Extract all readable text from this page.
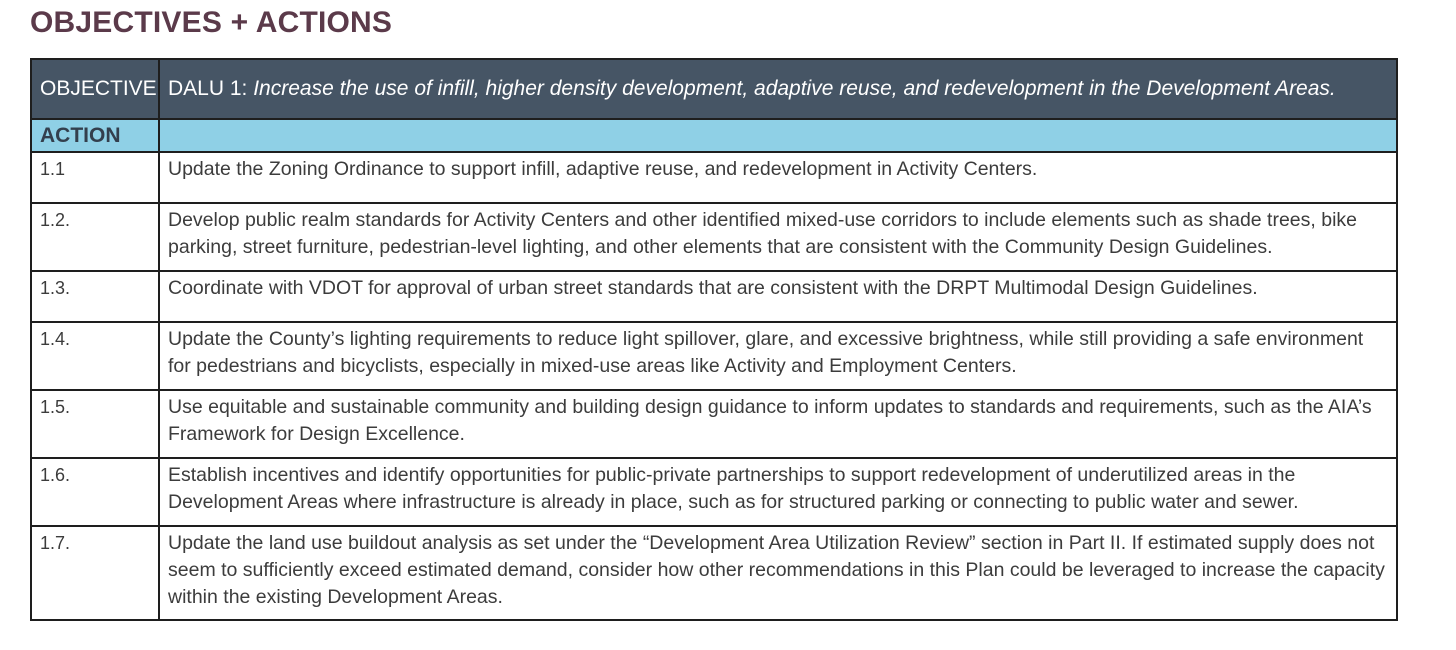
OBJECTIVES + ACTIONS
OBJECTIVE	DALU 1: Increase the use of infill, higher density development, adaptive reuse, and redevelopment in the Development Areas.
ACTION	
1.1	Update the Zoning Ordinance to support infill, adaptive reuse, and redevelopment in Activity Centers.
1.2.	Develop public realm standards for Activity Centers and other identified mixed-use corridors to include elements such as shade trees, bike parking, street furniture, pedestrian-level lighting, and other elements that are consistent with the Community Design Guidelines.
1.3.	Coordinate with VDOT for approval of urban street standards that are consistent with the DRPT Multimodal Design Guidelines.
1.4.	Update the County’s lighting requirements to reduce light spillover, glare, and excessive brightness, while still providing a safe environment for pedestrians and bicyclists, especially in mixed-use areas like Activity and Employment Centers.
1.5.	Use equitable and sustainable community and building design guidance to inform updates to standards and requirements, such as the AIA’s Framework for Design Excellence.
1.6.	Establish incentives and identify opportunities for public-private partnerships to support redevelopment of underutilized areas in the Development Areas where infrastructure is already in place, such as for structured parking or connecting to public water and sewer.
1.7.	Update the land use buildout analysis as set under the “Development Area Utilization Review” section in Part II. If estimated supply does not seem to sufficiently exceed estimated demand, consider how other recommendations in this Plan could be leveraged to increase the capacity within the existing Development Areas.
